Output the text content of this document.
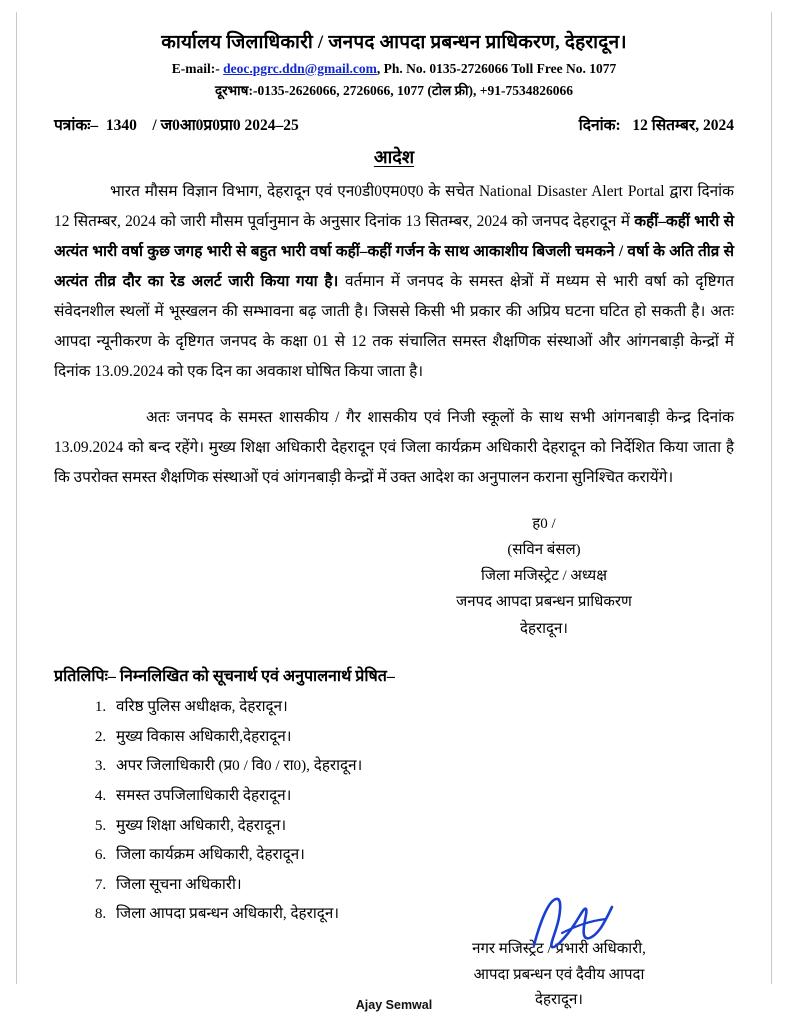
कार्यालय जिलाधिकारी / जनपद आपदा प्रबन्धन प्राधिकरण, देहरादून।
E-mail:- deoc.pgrc.ddn@gmail.com, Ph. No. 0135-2726066 Toll Free No. 1077
दूरभाष:-0135-2626066, 2726066, 1077 (टोल फ्री), +91-7534826066
पत्रांकः–  1340    / ज0आ0प्र0प्रा0 2024–25	दिनांक:   12 सितम्बर, 2024
आदेश

भारत मौसम विज्ञान विभाग, देहरादून एवं एन0डी0एम0ए0 के सचेत National Disaster Alert Portal द्वारा दिनांक 12 सितम्बर, 2024 को जारी मौसम पूर्वानुमान के अनुसार दिनांक 13 सितम्बर, 2024 को जनपद देहरादून में कहीं–कहीं भारी से अत्यंत भारी वर्षा कुछ जगह भारी से बहुत भारी वर्षा कहीं–कहीं गर्जन के साथ आकाशीय बिजली चमकने / वर्षा के अति तीव्र से अत्यंत तीव्र दौर का रेड अलर्ट जारी किया गया है। वर्तमान में जनपद के समस्त क्षेत्रों में मध्यम से भारी वर्षा को दृष्टिगत संवेदनशील स्थलों में भूस्खलन की सम्भावना बढ़ जाती है। जिससे किसी भी प्रकार की अप्रिय घटना घटित हो सकती है। अतः आपदा न्यूनीकरण के दृष्टिगत जनपद के कक्षा 01 से 12 तक संचालित समस्त शैक्षणिक संस्थाओं और आंगनबाड़ी केन्द्रों में दिनांक 13.09.2024 को एक दिन का अवकाश घोषित किया जाता है।

अतः जनपद के समस्त शासकीय / गैर शासकीय एवं निजी स्कूलों के साथ सभी आंगनबाड़ी केन्द्र दिनांक 13.09.2024 को बन्द रहेंगे। मुख्य शिक्षा अधिकारी देहरादून एवं जिला कार्यक्रम अधिकारी देहरादून को निर्देशित किया जाता है कि उपरोक्त समस्त शैक्षणिक संस्थाओं एवं आंगनबाड़ी केन्द्रों में उक्त आदेश का अनुपालन कराना सुनिश्चित करायेंगे।

ह0 /
(सविन बंसल)
जिला मजिस्ट्रेट / अध्यक्ष
जनपद आपदा प्रबन्धन प्राधिकरण
देहरादून।
प्रतिलिपिः– निम्नलिखित को सूचनार्थ एवं अनुपालनार्थ प्रेषित–
1. वरिष्ठ पुलिस अधीक्षक, देहरादून।
2. मुख्य विकास अधिकारी,देहरादून।
3. अपर जिलाधिकारी (प्र0 / वि0 / रा0), देहरादून।
4. समस्त उपजिलाधिकारी देहरादून।
5. मुख्य शिक्षा अधिकारी, देहरादून।
6. जिला कार्यक्रम अधिकारी, देहरादून।
7. जिला सूचना अधिकारी।
8. जिला आपदा प्रबन्धन अधिकारी, देहरादून।
नगर मजिस्ट्रेट / प्रभारी अधिकारी,
आपदा प्रबन्धन एवं दैवीय आपदा
देहरादून।
Ajay Semwal
